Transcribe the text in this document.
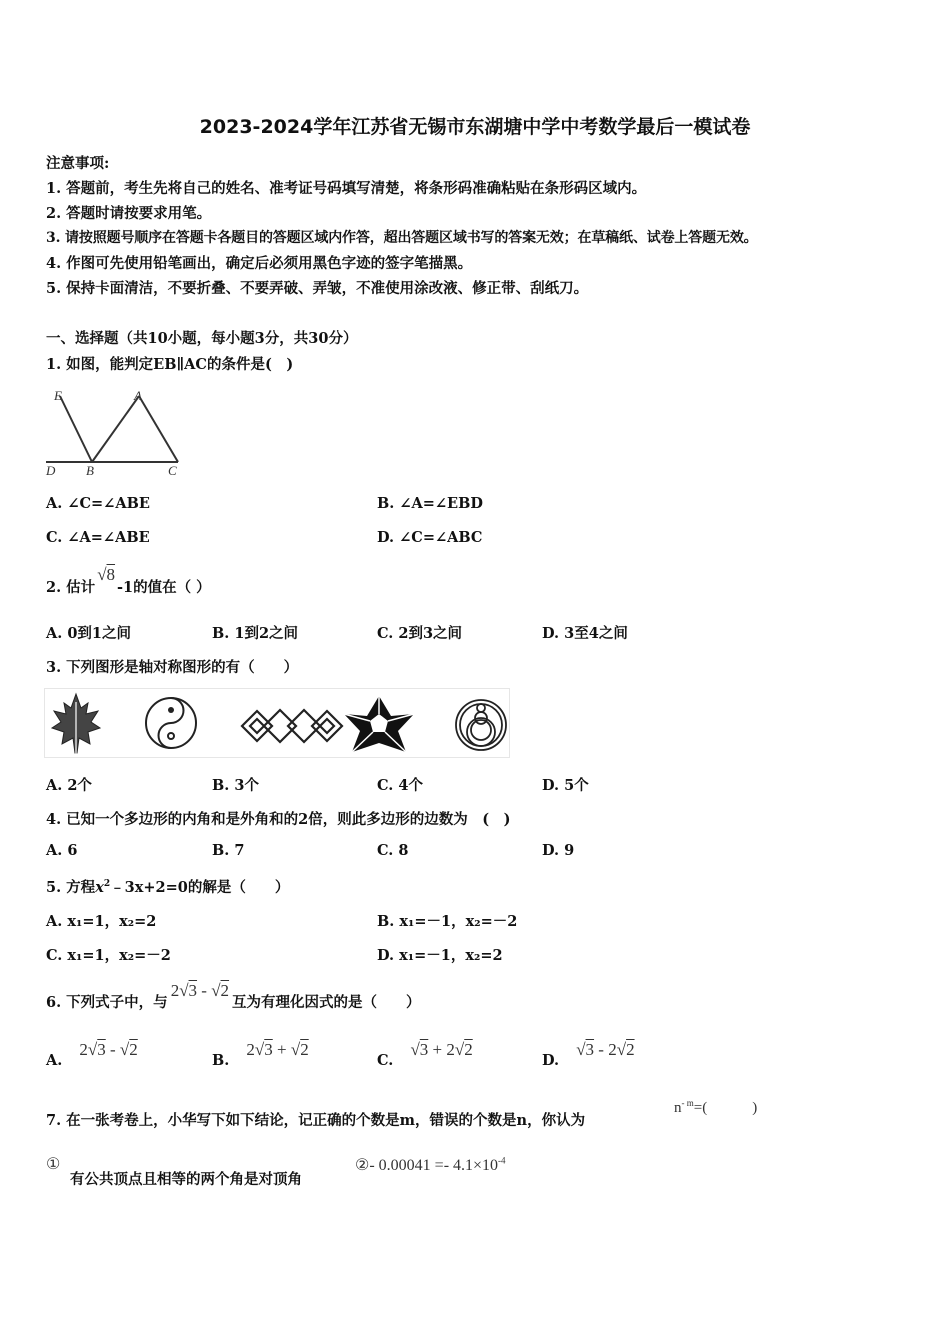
2023-2024学年江苏省无锡市东湖塘中学中考数学最后一模试卷
注意事项:
1. 答题前，考生先将自己的姓名、准考证号码填写清楚，将条形码准确粘贴在条形码区域内。
2. 答题时请按要求用笔。
3. 请按照题号顺序在答题卡各题目的答题区域内作答，超出答题区域书写的答案无效；在草稿纸、试卷上答题无效。
4. 作图可先使用铅笔画出，确定后必须用黑色字迹的签字笔描黑。
5. 保持卡面清洁，不要折叠、不要弄破、弄皱，不准使用涂改液、修正带、刮纸刀。
一、选择题（共10小题，每小题3分，共30分）
1. 如图，能判定EB∥AC的条件是(　)
E	A
D B	C
A. ∠C=∠ABE	B. ∠A=∠EBD
C. ∠A=∠ABE	D. ∠C=∠ABC
2. 估计√8-1的值在（ ）
A. 0到1之间	B. 1到2之间	C. 2到3之间	D. 3至4之间
3. 下列图形是轴对称图形的有（　　）
A. 2个	B. 3个	C. 4个	D. 5个
4. 已知一个多边形的内角和是外角和的2倍，则此多边形的边数为　(　)
A. 6	B. 7	C. 8	D. 9
5. 方程$x^2﹣3x+2=0$的解是（　　）
A. x₁=1，x₂=2	B. x₁=－1，x₂=－2
C. x₁=1，x₂=－2	D. x₁=－1，x₂=2
6. 下列式子中，与2√3 - √2互为有理化因式的是（　　）
A. 2√3 - √2
B. 2√3 + √2
C. √3 + 2√2
D. √3 - 2√2
7. 在一张考卷上，小华写下如下结论，记正确的个数是m，错误的个数是n，你认为
$n^{- m}=$(　　　)
①
有公共顶点且相等的两个角是对顶角
②- $0.00041 =- 4.1\times 10^{-4}$
